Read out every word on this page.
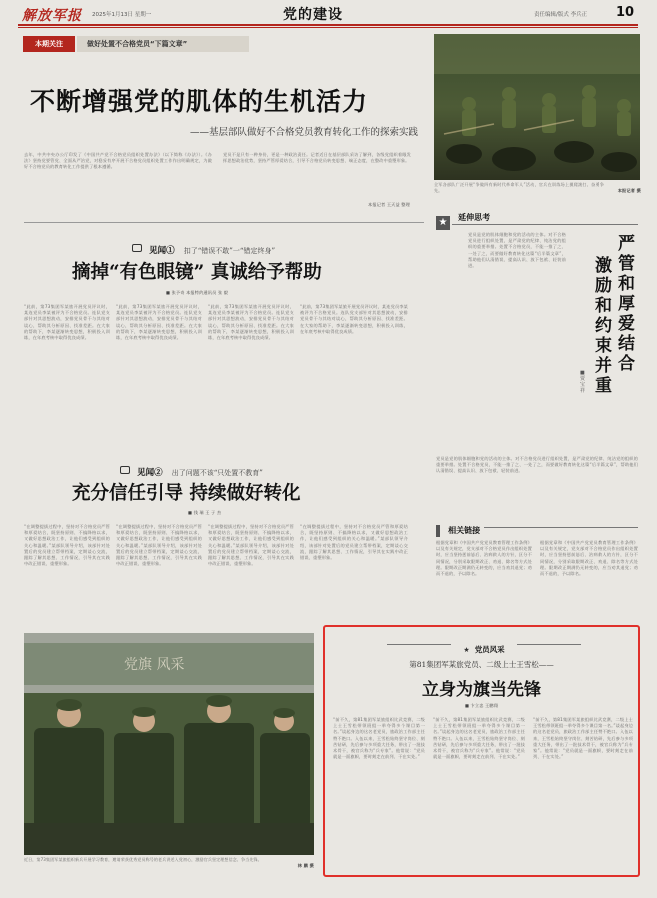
解放军报 2025年1月13日 星期一	党的建设	责任编辑/版式 李兵正 10
本期关注	做好处置不合格党员“下篇文章”
不断增强党的肌体的生机活力
——基层部队做好不合格党员教育转化工作的探索实践
去年，中共中央办公厅印发了《中国共产党不合格党员组织处置办法》（以下简称《办法》）。《办法》坚持党要管党、全面从严治党，对稳妥有序开展不合格党员组织处置工作作出明确规定，为做好不合格党员的教育转化工作提供了根本遵循。
党员不是只有一种身份，更是一种政治责任。记者近日在基层部队采访了解到，各级党组织着眼发挥思想政治优势，坚持严管厚爱结合，引导不合格党员转变思想、端正态度，在整改中重塑形象。
本报记者 王天益 整理
全军各部队广泛开展“争做四有新时代革命军人”活动，官兵在训练场上摸爬滚打、奋勇争先。	本报记者 摄
见闻① 扣了“错误不敢”一“错定终身”
摘掉“有色眼镜” 真诚给予帮助
■ 张予奇 本报特约通讯员 张 毅
“此前，第73集团军某旅开展党员评议时，某连党员李某被评为不合格党员。连队党支部针对其思想波动，安排党员骨干与其结对谈心，帮助其分析原因、找准差距。在大家的帮助下，李某逐渐转变思想，积极投入训练，在年底考核中取得优良成绩。
“此前，第73集团军某旅开展党员评议时，某连党员李某被评为不合格党员。连队党支部针对其思想波动，安排党员骨干与其结对谈心，帮助其分析原因、找准差距。在大家的帮助下，李某逐渐转变思想，积极投入训练，在年底考核中取得优良成绩。
“此前，第73集团军某旅开展党员评议时，某连党员李某被评为不合格党员。连队党支部针对其思想波动，安排党员骨干与其结对谈心，帮助其分析原因、找准差距。在大家的帮助下，李某逐渐转变思想，积极投入训练，在年底考核中取得优良成绩。
“此前，第73集团军某旅开展党员评议时，某连党员李某被评为不合格党员。连队党支部针对其思想波动，安排党员骨干与其结对谈心，帮助其分析原因、找准差距。在大家的帮助下，李某逐渐转变思想，积极投入训练，在年底考核中取得优良成绩。
★ 延伸思考
党员是党的肌体细胞和党的活动的主体。对不合格党员进行组织处置，是严肃党的纪律、纯洁党的组织的重要举措。处置不合格党员，不能一推了之、一处了之，而要做好教育转化这篇“后半篇文章”，帮助他们认清错误、提高认识、放下包袱、轻装前进。
严管和厚爱结合
激励和约束并重
■贾宝祥
党员是党的肌体细胞和党的活动的主体。对不合格党员进行组织处置，是严肃党的纪律、纯洁党的组织的重要举措。处置不合格党员，不能一推了之、一处了之，而要做好教育转化这篇“后半篇文章”，帮助他们认清错误、提高认识、放下包袱、轻装前进。
见闻② 出了问题不该“只处置不教育”
充分信任引导 持续做好转化
■ 钱 瑞 王 子 杰
“在调整提拔过程中，坚持对不合格党员严管和厚爱结合，既坚持原则、不搞降格以求，又做好思想政治工作，让他们感受到组织的关心和温暖。”某部队领导介绍，该部针对处置后的党员建立帮带档案，定期谈心交流，跟踪了解其思想、工作情况，引导其在实践中改正错误、重塑形象。
“在调整提拔过程中，坚持对不合格党员严管和厚爱结合，既坚持原则、不搞降格以求，又做好思想政治工作，让他们感受到组织的关心和温暖。”某部队领导介绍，该部针对处置后的党员建立帮带档案，定期谈心交流，跟踪了解其思想、工作情况，引导其在实践中改正错误、重塑形象。
“在调整提拔过程中，坚持对不合格党员严管和厚爱结合，既坚持原则、不搞降格以求，又做好思想政治工作，让他们感受到组织的关心和温暖。”某部队领导介绍，该部针对处置后的党员建立帮带档案，定期谈心交流，跟踪了解其思想、工作情况，引导其在实践中改正错误、重塑形象。
“在调整提拔过程中，坚持对不合格党员严管和厚爱结合，既坚持原则、不搞降格以求，又做好思想政治工作，让他们感受到组织的关心和温暖。”某部队领导介绍，该部针对处置后的党员建立帮带档案，定期谈心交流，跟踪了解其思想、工作情况，引导其在实践中改正错误、重塑形象。
相关链接
根据党章和《中国共产党党员教育管理工作条例》以及有关规定，党支部对不合格党员作出组织处置时，应当坚持惩前毖后、治病救人的方针，区分不同情况，分别采取限期改正、劝退、除名等方式处理。限期改正期满仍无转变的，应当劝其退党；劝而不退的，予以除名。
根据党章和《中国共产党党员教育管理工作条例》以及有关规定，党支部对不合格党员作出组织处置时，应当坚持惩前毖后、治病救人的方针，区分不同情况，分别采取限期改正、劝退、除名等方式处理。限期改正期满仍无转变的，应当劝其退党；劝而不退的，予以除名。
党旗 风采
近日，第73集团军某旅组织新兵开展学习教育，邀请荣获优秀党员称号的老兵讲述入党初心，激励官兵坚定理想信念、争当先锋。
林 鹏 摄
★ 党员风采
第81集团军某旅党员、二级上士王雪松——
立身为旗当先锋
■ 卞立忠 王鹏翔
“前不久，第81集团军某旅组织比武竞赛，二级上士王雪松带领班组一举夺得多个课目第一名。”谈起身边的这名老党员，旅政治工作部主任赞不绝口。入伍以来，王雪松始终坚守岗位、刻苦钻研，先后参与多项重大任务，带出了一批技术骨干，被官兵称为“兵专家”。他常说：“党员就是一面旗帜，要时刻走在前列、干在实处。”
“前不久，第81集团军某旅组织比武竞赛，二级上士王雪松带领班组一举夺得多个课目第一名。”谈起身边的这名老党员，旅政治工作部主任赞不绝口。入伍以来，王雪松始终坚守岗位、刻苦钻研，先后参与多项重大任务，带出了一批技术骨干，被官兵称为“兵专家”。他常说：“党员就是一面旗帜，要时刻走在前列、干在实处。”
“前不久，第81集团军某旅组织比武竞赛，二级上士王雪松带领班组一举夺得多个课目第一名。”谈起身边的这名老党员，旅政治工作部主任赞不绝口。入伍以来，王雪松始终坚守岗位、刻苦钻研，先后参与多项重大任务，带出了一批技术骨干，被官兵称为“兵专家”。他常说：“党员就是一面旗帜，要时刻走在前列、干在实处。”
